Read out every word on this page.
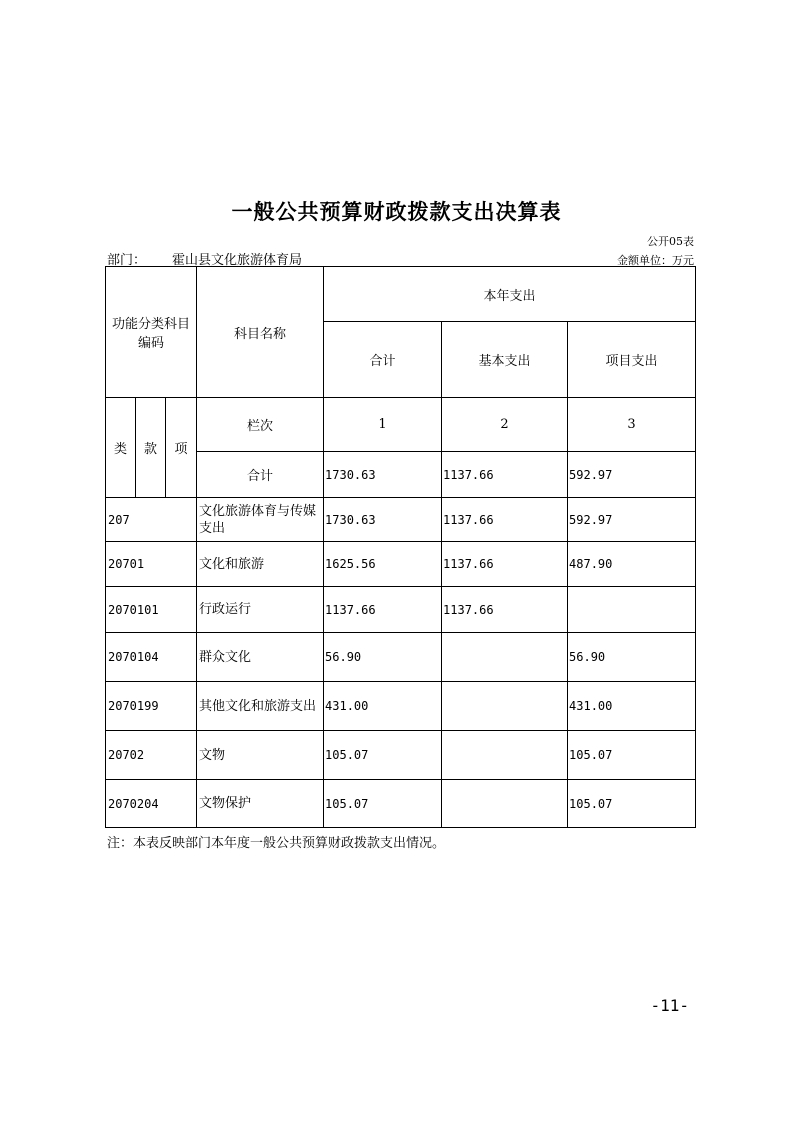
一般公共预算财政拨款支出决算表
公开05表
部门： 霍山县文化旅游体育局	金额单位：万元
功能分类科目编码			科目名称	本年支出		
				合计	基本支出	项目支出
类	款	项	栏次	1	2	3
			合计	1730.63	1137.66	592.97
207			文化旅游体育与传媒支出	1730.63	1137.66	592.97
20701			文化和旅游	1625.56	1137.66	487.90
2070101			行政运行	1137.66	1137.66	
2070104			群众文化	56.90		56.90
2070199			其他文化和旅游支出	431.00		431.00
20702			文物	105.07		105.07
2070204			文物保护	105.07		105.07
注：本表反映部门本年度一般公共预算财政拨款支出情况。
-11-
